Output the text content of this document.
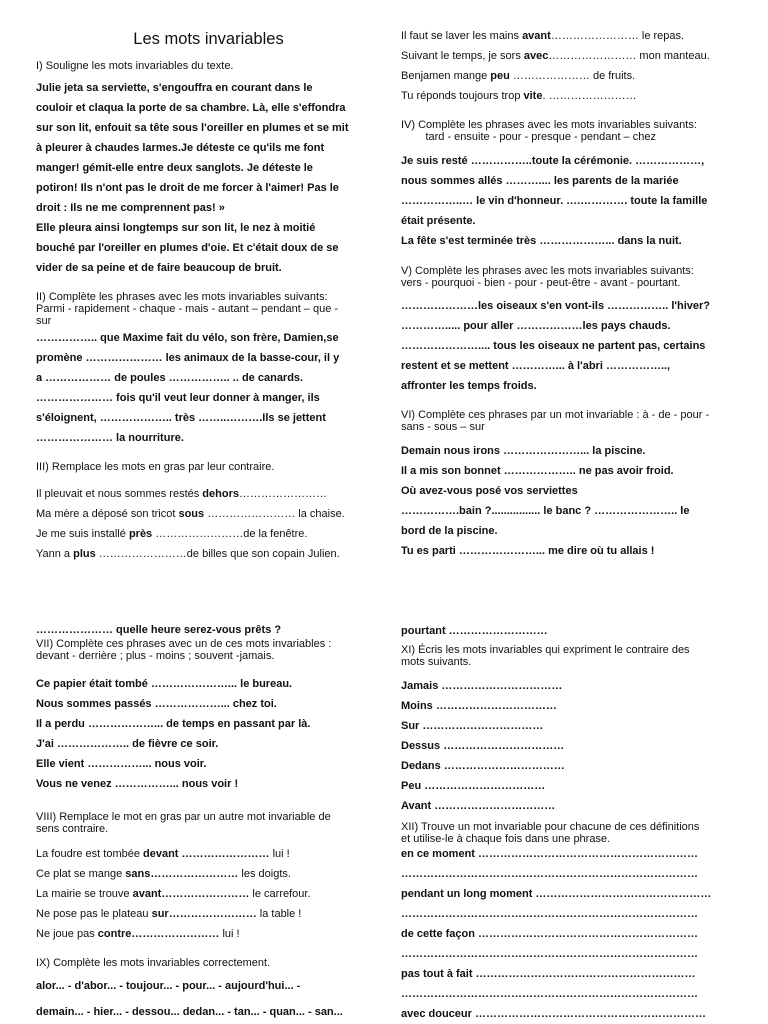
Les mots invariables
I) Souligne les mots invariables du texte.
Julie jeta sa serviette, s'engouffra en courant dans le
couloir et claqua la porte de sa chambre. Là, elle s'effondra
sur son lit, enfouit sa tête sous l'oreiller en plumes et se mit
à pleurer à chaudes larmes.Je déteste ce qu'ils me font
manger! gémit-elle entre deux sanglots. Je déteste le
potiron! Ils n'ont pas le droit de me forcer à l'aimer! Pas le
droit : Ils ne me comprennent pas! »
Elle pleura ainsi longtemps sur son lit, le nez à moitié
bouché par l'oreiller en plumes d'oie. Et c'était doux de se
vider de sa peine et de faire beaucoup de bruit.
II) Complète les phrases avec les mots invariables suivants:
Parmi - rapidement - chaque - mais - autant – pendant – que -
sur
…………….. que Maxime fait du vélo, son frère, Damien,se
promène ………………… les animaux de la basse-cour, il y
a ……………… de poules …………….. .. de canards.
………………… fois qu'il veut leur donner à manger, ils
s'éloignent, ……………….. très ……..……….Ils se jettent
………………… la nourriture.
III) Remplace les mots en gras par leur contraire.
Il pleuvait et nous sommes restés dehors……………………
Ma mère a déposé son tricot sous …………………… la chaise.
Je me suis installé près ……………………de la fenêtre.
Yann a plus ……………………de billes que son copain Julien.
Il faut se laver les mains avant…………………… le repas.
Suivant le temps, je sors avec…………………… mon manteau.
Benjamen mange peu ………………… de fruits.
Tu réponds toujours trop vite. ……………………
IV) Complète les phrases avec les mots invariables suivants:
tard - ensuite - pour - presque - pendant – chez
Je suis resté ……………..toute la cérémonie. ………………,
nous sommes allés ……….... les parents de la mariée
……………..… le vin d'honneur. ….…………. toute la famille
était présente.
La fête s'est terminée très ………………... dans la nuit.
V) Complète les phrases avec les mots invariables suivants:
vers - pourquoi - bien - pour - peut-être - avant - pourtant.
…………………les oiseaux s'en vont-ils …………….. l'hiver?
…………..... pour aller ………………les pays chauds.
………………….... tous les oiseaux ne partent pas, certains
restent et se mettent …………... à l'abri ……………..,
affronter les temps froids.
VI) Complète ces phrases par un mot invariable : à - de - pour -
sans - sous – sur
Demain nous irons …………………... la piscine.
Il a mis son bonnet ……………….. ne pas avoir froid.
Où avez-vous posé vos serviettes
…………….bain ?................ le banc ? ………………….. le
bord de la piscine.
Tu es parti …………………... me dire où tu allais !
………………… quelle heure serez-vous prêts ?
VII) Complète ces phrases avec un de ces mots invariables :
devant - derrière ; plus - moins ; souvent -jamais.
Ce papier était tombé …………………... le bureau.
Nous sommes passés ………………... chez toi.
Il a perdu ………………... de temps en passant par là.
J'ai ……………….. de fièvre ce soir.
Elle vient ……………... nous voir.
Vous ne venez ……………... nous voir !
VIII) Remplace le mot en gras par un autre mot invariable de
sens contraire.
La foudre est tombée devant …………………… lui !
Ce plat se mange sans…………………… les doigts.
La mairie se trouve avant…………………… le carrefour.
Ne pose pas le plateau sur…………………… la table !
Ne joue pas contre…………………… lui !
IX) Complète les mots invariables correctement.
alor... - d'abor... - toujour... - pour... - aujourd'hui... -
demain... - hier... - dessou... dedan... - tan... - quan... - san...
pourtant ………………………
XI) Écris les mots invariables qui expriment le contraire des
mots suivants.
Jamais ……………………………
Moins ……………………………
Sur ……………………………
Dessus ……………………………
Dedans ……………………………
Peu ……………………………
Avant ……………………………
XII) Trouve un mot invariable pour chacune de ces définitions
et utilise-le à chaque fois dans une phrase.
en ce moment ……………………………………………………
………………………………………………………………………
pendant un long moment …………………………………………
………………………………………………………………………
de cette façon ……………………………………………………
………………………………………………………………………
pas tout à fait ……………………………………………………
………………………………………………………………………
avec douceur ………………………………………………………
